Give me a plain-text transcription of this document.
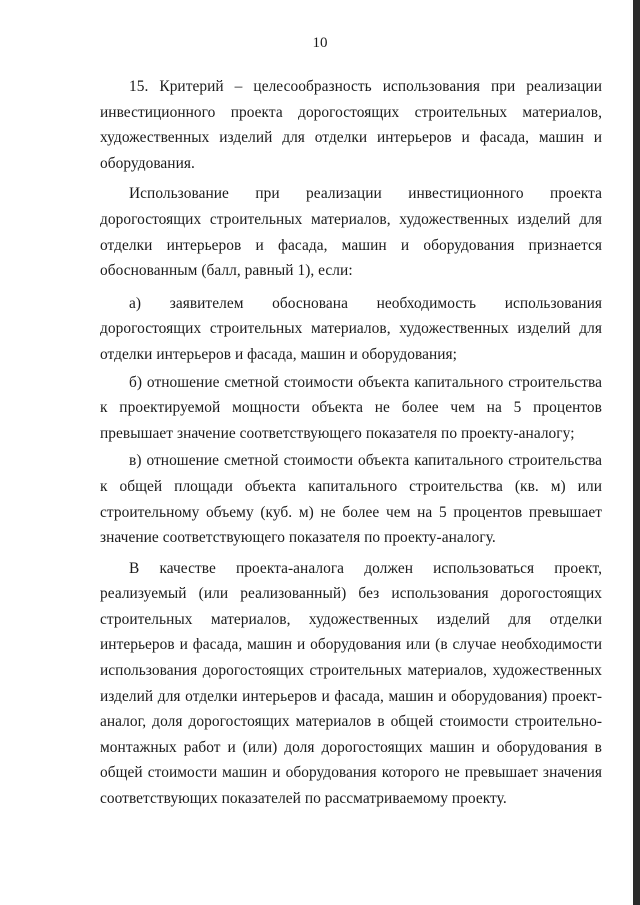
10

15. Критерий – целесообразность использования при реализации инвестиционного проекта дорогостоящих строительных материалов, художественных изделий для отделки интерьеров и фасада, машин и оборудования.

Использование при реализации инвестиционного проекта дорогостоящих строительных материалов, художественных изделий для отделки интерьеров и фасада, машин и оборудования признается обоснованным (балл, равный 1), если:

а) заявителем обоснована необходимость использования дорогостоящих строительных материалов, художественных изделий для отделки интерьеров и фасада, машин и оборудования;

б) отношение сметной стоимости объекта капитального строительства к проектируемой мощности объекта не более чем на 5 процентов превышает значение соответствующего показателя по проекту-аналогу;

в) отношение сметной стоимости объекта капитального строительства к общей площади объекта капитального строительства (кв. м) или строительному объему (куб. м) не более чем на 5 процентов превышает значение соответствующего показателя по проекту-аналогу.

В качестве проекта-аналога должен использоваться проект, реализуемый (или реализованный) без использования дорогостоящих строительных материалов, художественных изделий для отделки интерьеров и фасада, машин и оборудования или (в случае необходимости использования дорогостоящих строительных материалов, художественных изделий для отделки интерьеров и фасада, машин и оборудования) проект-аналог, доля дорогостоящих материалов в общей стоимости строительно-монтажных работ и (или) доля дорогостоящих машин и оборудования в общей стоимости машин и оборудования которого не превышает значения соответствующих показателей по рассматриваемому проекту.
